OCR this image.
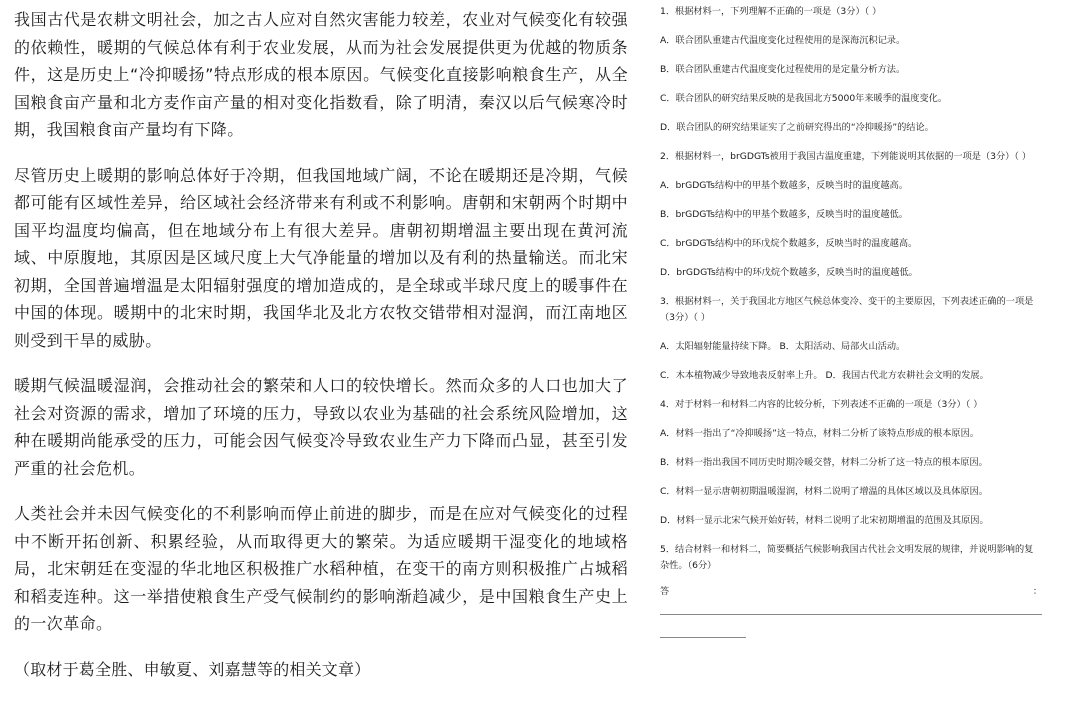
我国古代是农耕文明社会，加之古人应对自然灾害能力较差，农业对气候变化有较强的依赖性，暖期的气候总体有利于农业发展，从而为社会发展提供更为优越的物质条件，这是历史上“冷抑暖扬”特点形成的根本原因。气候变化直接影响粮食生产，从全国粮食亩产量和北方麦作亩产量的相对变化指数看，除了明清，秦汉以后气候寒冷时期，我国粮食亩产量均有下降。

尽管历史上暖期的影响总体好于冷期，但我国地域广阔，不论在暖期还是冷期，气候都可能有区域性差异，给区域社会经济带来有利或不利影响。唐朝和宋朝两个时期中国平均温度均偏高，但在地域分布上有很大差异。唐朝初期增温主要出现在黄河流域、中原腹地，其原因是区域尺度上大气净能量的增加以及有利的热量输送。而北宋初期，全国普遍增温是太阳辐射强度的增加造成的，是全球或半球尺度上的暖事件在中国的体现。暖期中的北宋时期，我国华北及北方农牧交错带相对湿润，而江南地区则受到干旱的威胁。

暖期气候温暖湿润，会推动社会的繁荣和人口的较快增长。然而众多的人口也加大了社会对资源的需求，增加了环境的压力，导致以农业为基础的社会系统风险增加，这种在暖期尚能承受的压力，可能会因气候变冷导致农业生产力下降而凸显，甚至引发严重的社会危机。

人类社会并未因气候变化的不利影响而停止前进的脚步，而是在应对气候变化的过程中不断开拓创新、积累经验，从而取得更大的繁荣。为适应暖期干湿变化的地域格局，北宋朝廷在变湿的华北地区积极推广水稻种植，在变干的南方则积极推广占城稻和稻麦连种。这一举措使粮食生产受气候制约的影响渐趋减少，是中国粮食生产史上的一次革命。

（取材于葛全胜、申敏夏、刘嘉慧等的相关文章）

1．根据材料一，下列理解不正确的一项是（3分）（ ）

A．联合团队重建古代温度变化过程使用的是深海沉积记录。

B．联合团队重建古代温度变化过程使用的是定量分析方法。

C．联合团队的研究结果反映的是我国北方5000年来暖季的温度变化。

D．联合团队的研究结果证实了之前研究得出的“冷抑暖扬”的结论。

2．根据材料一，brGDGTs被用于我国古温度重建，下列能说明其依据的一项是（3分）（ ）

A．brGDGTs结构中的甲基个数越多，反映当时的温度越高。

B．brGDGTs结构中的甲基个数越多，反映当时的温度越低。

C．brGDGTs结构中的环戊烷个数越多，反映当时的温度越高。

D．brGDGTs结构中的环戊烷个数越多，反映当时的温度越低。

3．根据材料一，关于我国北方地区气候总体变冷、变干的主要原因，下列表述正确的一项是（3分）（ ）

A．太阳辐射能量持续下降。 B．太阳活动、局部火山活动。

C．木本植物减少导致地表反射率上升。 D．我国古代北方农耕社会文明的发展。

4．对于材料一和材料二内容的比较分析，下列表述不正确的一项是（3分）（ ）

A．材料一指出了“冷抑暖扬”这一特点，材料二分析了该特点形成的根本原因。

B．材料一指出我国不同历史时期冷暖交替，材料二分析了这一特点的根本原因。

C．材料一显示唐朝初期温暖湿润，材料二说明了增温的具体区域以及具体原因。

D．材料一显示北宋气候开始好转，材料二说明了北宋初期增温的范围及其原因。

5．结合材料一和材料二，简要概括气候影响我国古代社会文明发展的规律，并说明影响的复杂性。（6分）

答	：
